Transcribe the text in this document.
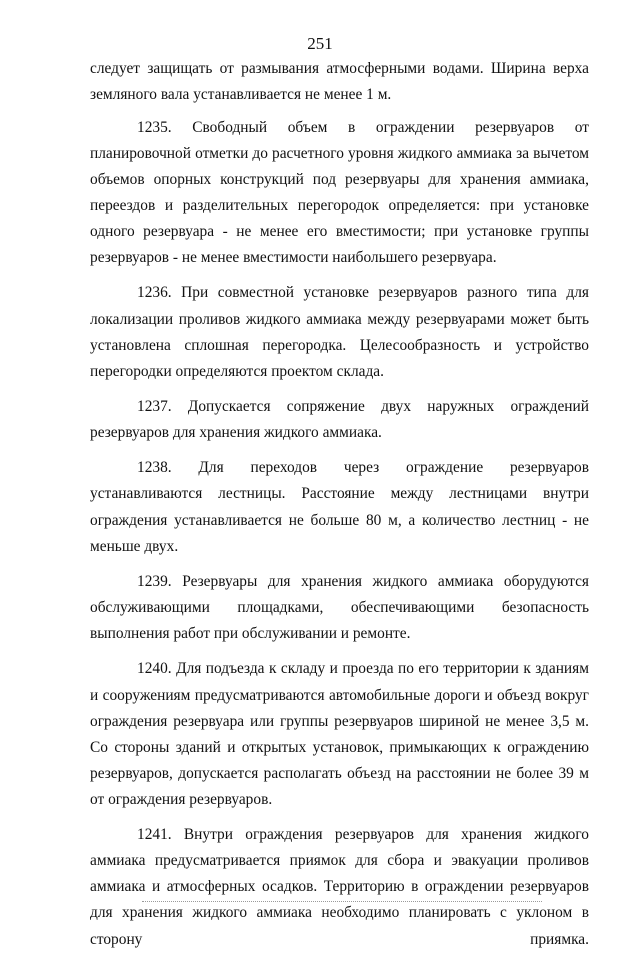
251

следует защищать от размывания атмосферными водами. Ширина верха земляного вала устанавливается не менее 1 м.

1235. Свободный объем в ограждении резервуаров от планировочной отметки до расчетного уровня жидкого аммиака за вычетом объемов опорных конструкций под резервуары для хранения аммиака, переездов и разделительных перегородок определяется: при установке одного резервуара - не менее его вместимости; при установке группы резервуаров - не менее вместимости наибольшего резервуара.

1236. При совместной установке резервуаров разного типа для локализации проливов жидкого аммиака между резервуарами может быть установлена сплошная перегородка. Целесообразность и устройство перегородки определяются проектом склада.

1237. Допускается сопряжение двух наружных ограждений резервуаров для хранения жидкого аммиака.

1238. Для переходов через ограждение резервуаров устанавливаются лестницы. Расстояние между лестницами внутри ограждения устанавливается не больше 80 м, а количество лестниц - не меньше двух.

1239. Резервуары для хранения жидкого аммиака оборудуются обслуживающими площадками, обеспечивающими безопасность выполнения работ при обслуживании и ремонте.

1240. Для подъезда к складу и проезда по его территории к зданиям и сооружениям предусматриваются автомобильные дороги и объезд вокруг ограждения резервуара или группы резервуаров шириной не менее 3,5 м. Со стороны зданий и открытых установок, примыкающих к ограждению резервуаров, допускается располагать объезд на расстоянии не более 39 м от ограждения резервуаров.

1241. Внутри ограждения резервуаров для хранения жидкого аммиака предусматривается приямок для сбора и эвакуации проливов аммиака и атмосферных осадков. Территорию в ограждении резервуаров для хранения жидкого аммиака необходимо планировать с уклоном в сторону приямка.
